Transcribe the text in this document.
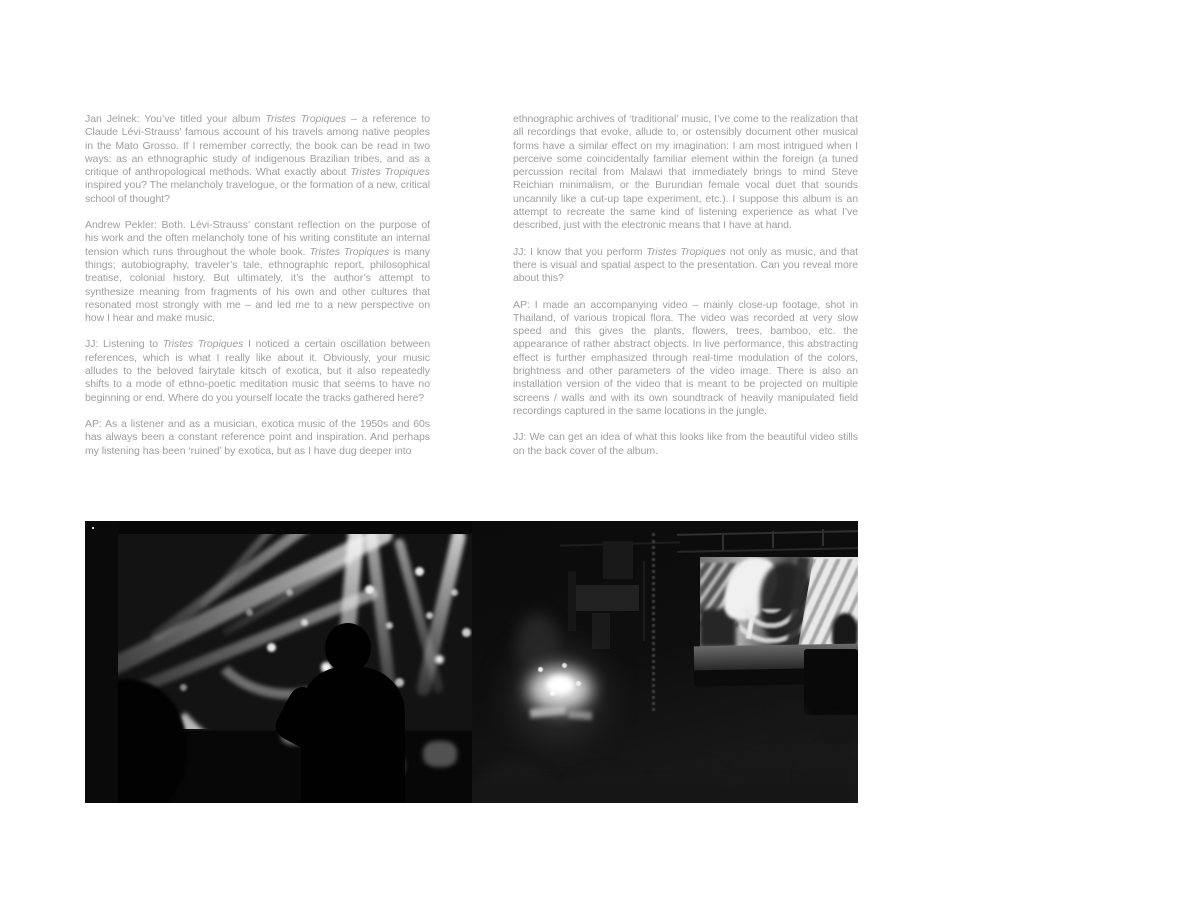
Jan Jelnek: You’ve titled your album Tristes Tropiques – a reference to Claude Lévi-Strauss’ famous account of his travels among native peoples in the Mato Grosso. If I remember correctly, the book can be read in two ways: as an ethnographic study of indigenous Brazilian tribes, and as a critique of anthropological methods. What exactly about Tristes Tropiques inspired you? The melancholy travelogue, or the formation of a new, critical school of thought?

Andrew Pekler: Both. Lévi-Strauss’ constant reflection on the purpose of his work and the often melancholy tone of his writing constitute an internal tension which runs throughout the whole book. Tristes Tropiques is many things; autobiography, traveler’s tale, ethnographic report, philosophical treatise, colonial history. But ultimately, it’s the author’s attempt to synthesize meaning from fragments of his own and other cultures that resonated most strongly with me – and led me to a new perspective on how I hear and make music.

JJ: Listening to Tristes Tropiques I noticed a certain oscillation between references, which is what I really like about it. Obviously, your music alludes to the beloved fairytale kitsch of exotica, but it also repeatedly shifts to a mode of ethno-poetic meditation music that seems to have no beginning or end. Where do you yourself locate the tracks gathered here?

AP: As a listener and as a musician, exotica music of the 1950s and 60s has always been a constant reference point and inspiration. And perhaps my listening has been ‘ruined’ by exotica, but as I have dug deeper into

ethnographic archives of ‘traditional’ music, I’ve come to the realization that all recordings that evoke, allude to, or ostensibly document other musical forms have a similar effect on my imagination: I am most intrigued when I perceive some coincidentally familiar element within the foreign (a tuned percussion recital from Malawi that immediately brings to mind Steve Reichian minimalism, or the Burundian female vocal duet that sounds uncannily like a cut-up tape experiment, etc.). I suppose this album is an attempt to recreate the same kind of listening experience as what I’ve described, just with the electronic means that I have at hand.

JJ: I know that you perform Tristes Tropiques not only as music, and that there is visual and spatial aspect to the presentation. Can you reveal more about this?

AP: I made an accompanying video – mainly close-up footage, shot in Thailand, of various tropical flora. The video was recorded at very slow speed and this gives the plants, flowers, trees, bamboo, etc. the appearance of rather abstract objects. In live performance, this abstracting effect is further emphasized through real-time modulation of the colors, brightness and other parameters of the video image. There is also an installation version of the video that is meant to be projected on multiple screens / walls and with its own soundtrack of heavily manipulated field recordings captured in the same locations in the jungle.

JJ: We can get an idea of what this looks like from the beautiful video stills on the back cover of the album.
